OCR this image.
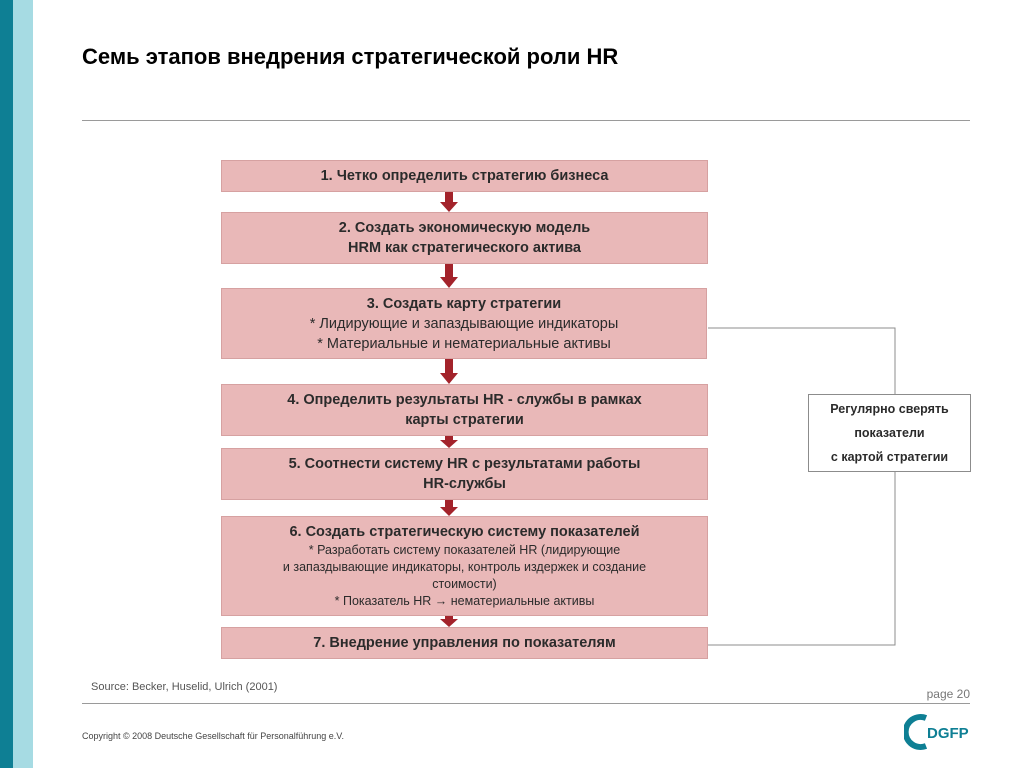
Семь этапов внедрения стратегической роли HR
1. Четко определить стратегию бизнеса
2. Создать экономическую модель
HRM как стратегического актива
3. Создать карту стратегии
* Лидирующие и запаздывающие индикаторы
* Материальные и нематериальные активы
4. Определить результаты HR - службы в рамках
карты стратегии
5. Соотнести систему HR с результатами работы
HR-службы
6. Создать стратегическую систему показателей
* Разработать систему показателей HR (лидирующие
и запаздывающие индикаторы, контроль издержек и создание
стоимости)
* Показатель HR → нематериальные активы
7. Внедрение управления по показателям
Регулярно сверять
показатели
с картой стратегии
Source: Becker, Huselid, Ulrich (2001)	page 20
Copyright © 2008 Deutsche Gesellschaft für Personalführung e.V.	DGFP
